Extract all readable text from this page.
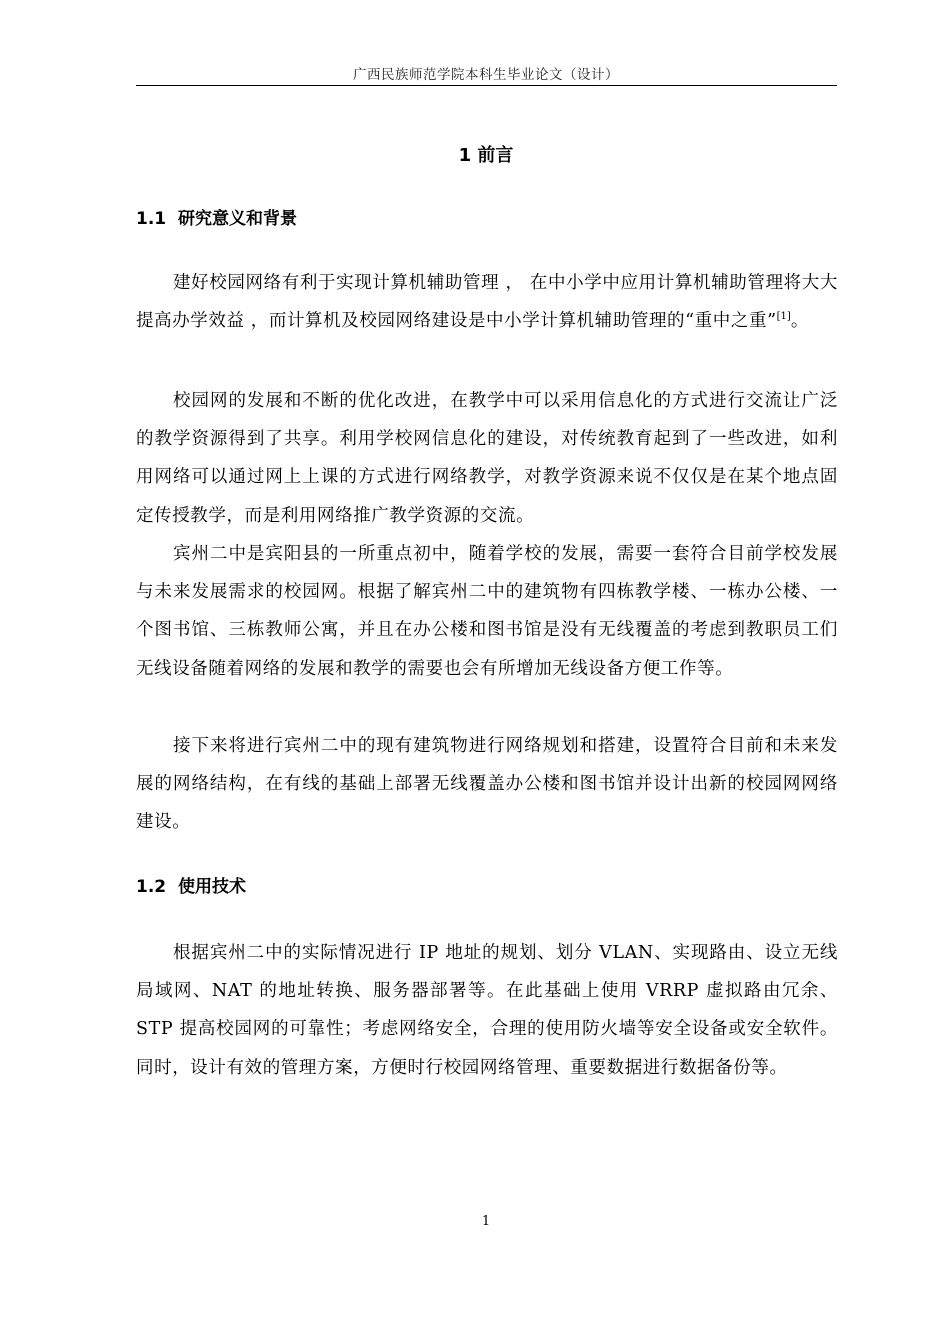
广西民族师范学院本科生毕业论文（设计）
1 前言
1.1  研究意义和背景
建好校园网络有利于实现计算机辅助管理 ， 在中小学中应用计算机辅助管理将大大提高办学效益 ，而计算机及校园网络建设是中小学计算机辅助管理的“重中之重”[1]。
校园网的发展和不断的优化改进，在教学中可以采用信息化的方式进行交流让广泛的教学资源得到了共享。利用学校网信息化的建设，对传统教育起到了一些改进，如利用网络可以通过网上上课的方式进行网络教学，对教学资源来说不仅仅是在某个地点固定传授教学，而是利用网络推广教学资源的交流。
宾州二中是宾阳县的一所重点初中，随着学校的发展，需要一套符合目前学校发展与未来发展需求的校园网。根据了解宾州二中的建筑物有四栋教学楼、一栋办公楼、一个图书馆、三栋教师公寓，并且在办公楼和图书馆是没有无线覆盖的考虑到教职员工们无线设备随着网络的发展和教学的需要也会有所增加无线设备方便工作等。
接下来将进行宾州二中的现有建筑物进行网络规划和搭建，设置符合目前和未来发展的网络结构，在有线的基础上部署无线覆盖办公楼和图书馆并设计出新的校园网网络建设。
1.2  使用技术
根据宾州二中的实际情况进行 IP 地址的规划、划分 VLAN、实现路由、设立无线局域网、NAT 的地址转换、服务器部署等。在此基础上使用 VRRP 虚拟路由冗余、STP 提高校园网的可靠性；考虑网络安全，合理的使用防火墙等安全设备或安全软件。同时，设计有效的管理方案，方便时行校园网络管理、重要数据进行数据备份等。
1
